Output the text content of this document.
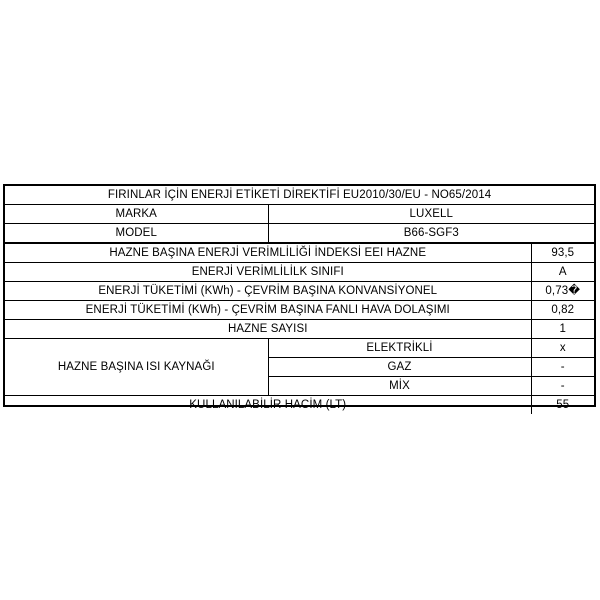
FIRINLAR İÇİN ENERJİ ETİKETİ DİREKTİFİ EU2010/30/EU - NO65/2014		
MARKA	LUXELL	
MODEL	B66-SGF3	
HAZNE BAŞINA ENERJİ VERİMLİLİĞİ İNDEKSİ EEI HAZNE		93,5
ENERJİ VERİMLİLİLK SINIFI		A
ENERJİ TÜKETİMİ (KWh) - ÇEVRİM BAŞINA KONVANSİYONEL		0,73�
ENERJİ TÜKETİMİ (KWh) - ÇEVRİM BAŞINA FANLI HAVA DOLAŞIMI		0,82
HAZNE SAYISI		1
HAZNE BAŞINA ISI KAYNAĞI	ELEKTRİKLİ	x
	GAZ	-
	MİX	-
KULLANILABİLİR HACİM (LT)		55
